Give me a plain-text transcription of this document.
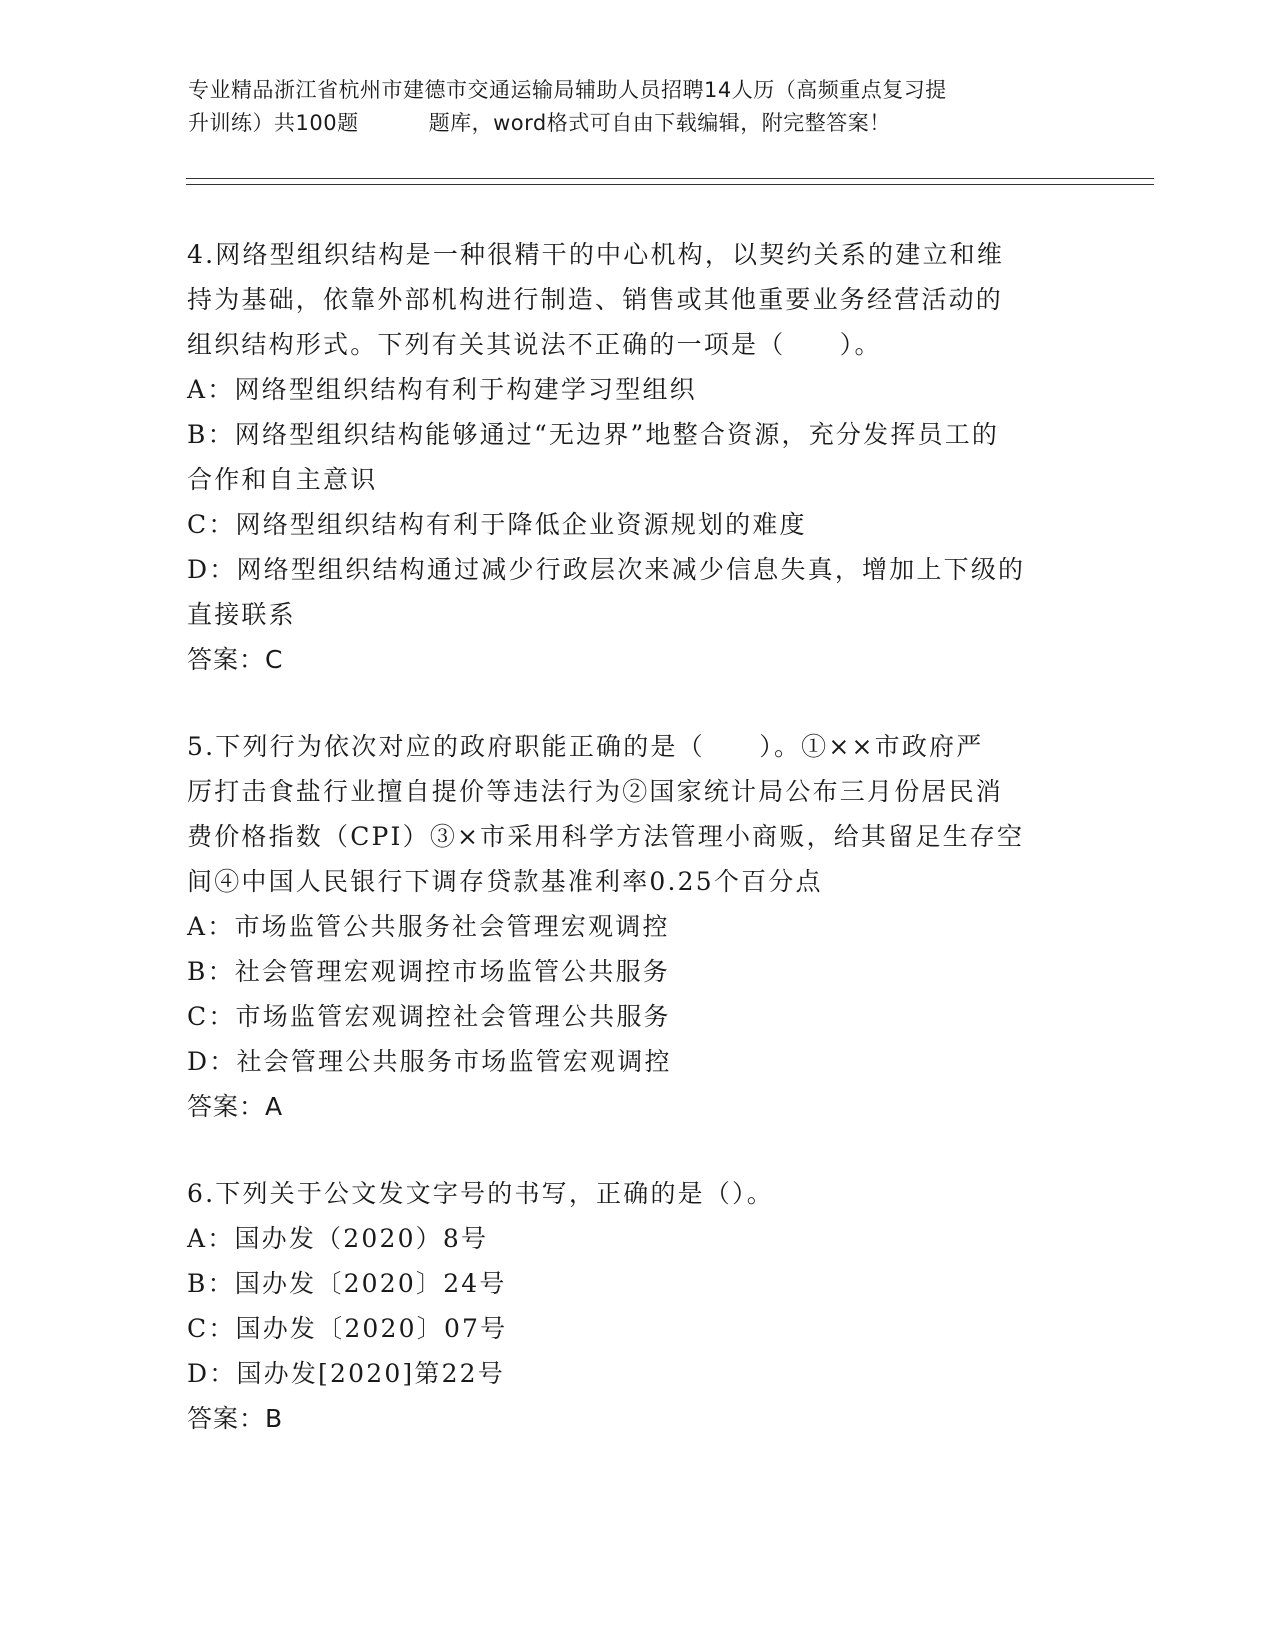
专业精品浙江省杭州市建德市交通运输局辅助人员招聘14人历（高频重点复习提
升训练）共100题	题库，word格式可自由下载编辑，附完整答案！
4.网络型组织结构是一种很精干的中心机构，以契约关系的建立和维
持为基础，依靠外部机构进行制造、销售或其他重要业务经营活动的
组织结构形式。下列有关其说法不正确的一项是（　　）。
A：网络型组织结构有利于构建学习型组织
B：网络型组织结构能够通过“无边界”地整合资源，充分发挥员工的
合作和自主意识
C：网络型组织结构有利于降低企业资源规划的难度
D：网络型组织结构通过减少行政层次来减少信息失真，增加上下级的
直接联系
答案：C
5.下列行为依次对应的政府职能正确的是（　　）。①××市政府严
厉打击食盐行业擅自提价等违法行为②国家统计局公布三月份居民消
费价格指数（CPI）③×市采用科学方法管理小商贩，给其留足生存空
间④中国人民银行下调存贷款基准利率0.25个百分点
A：市场监管公共服务社会管理宏观调控
B：社会管理宏观调控市场监管公共服务
C：市场监管宏观调控社会管理公共服务
D：社会管理公共服务市场监管宏观调控
答案：A
6.下列关于公文发文字号的书写，正确的是（）。
A：国办发（2020）8号
B：国办发〔2020〕24号
C：国办发〔2020〕07号
D：国办发[2020]第22号
答案：B
